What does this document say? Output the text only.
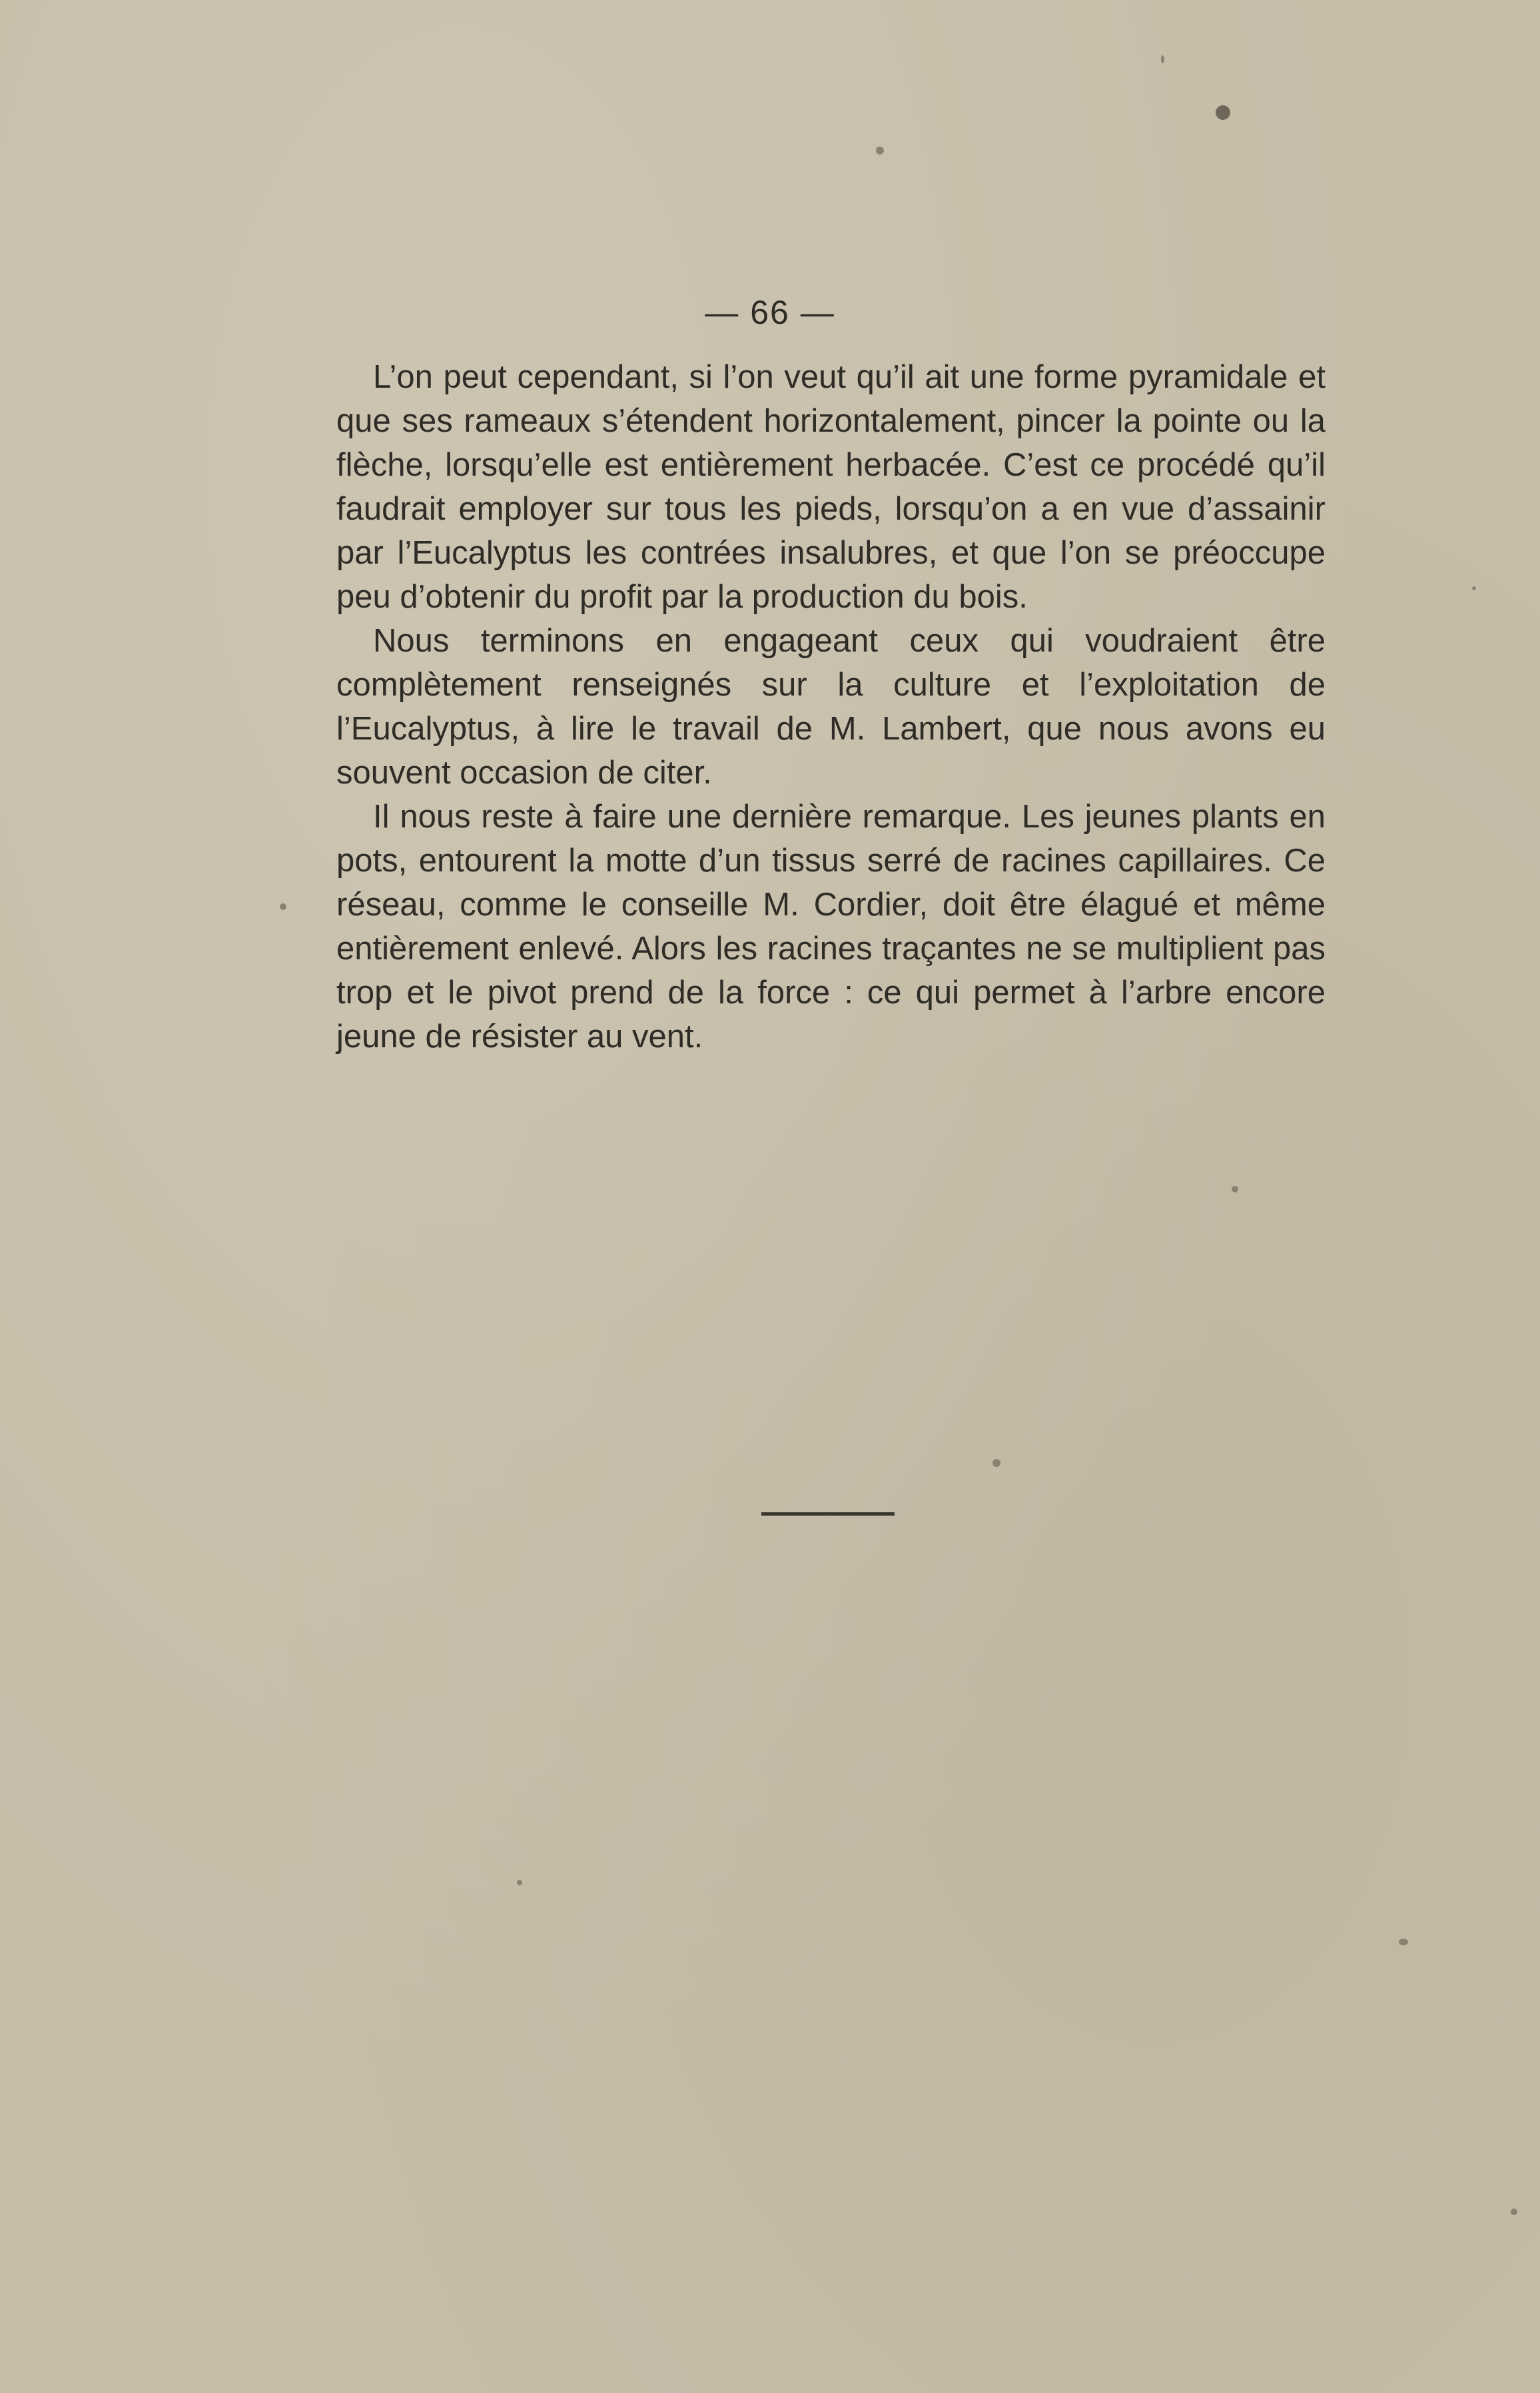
— 66 —

L’on peut cependant, si l’on veut qu’il ait une forme pyramidale et que ses rameaux s’étendent horizontalement, pincer la pointe ou la flèche, lorsqu’elle est entièrement herbacée. C’est ce procédé qu’il faudrait employer sur tous les pieds, lorsqu’on a en vue d’assainir par l’Eucalyptus les contrées insalubres, et que l’on se préoccupe peu d’obtenir du profit par la production du bois.

Nous terminons en engageant ceux qui voudraient être complètement renseignés sur la culture et l’exploitation de l’Eucalyptus, à lire le travail de M. Lambert, que nous avons eu souvent occasion de citer.

Il nous reste à faire une dernière remarque. Les jeunes plants en pots, entourent la motte d’un tissus serré de racines capillaires. Ce réseau, comme le conseille M. Cordier, doit être élagué et même entièrement enlevé. Alors les racines traçantes ne se multiplient pas trop et le pivot prend de la force : ce qui permet à l’arbre encore jeune de résister au vent.
